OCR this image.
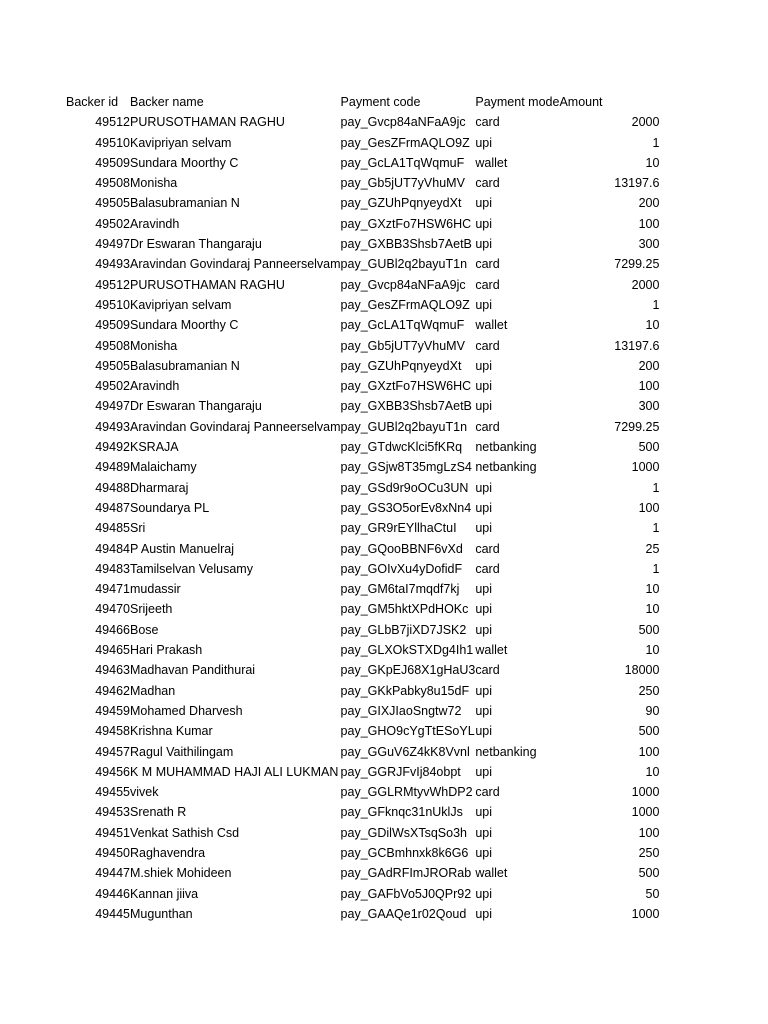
Backer id	Backer name	Payment code	Payment mode	Amount
49512	PURUSOTHAMAN RAGHU	pay_Gvcp84aNFaA9jc	card	2000
49510	Kavipriyan selvam	pay_GesZFrmAQLO9Z	upi	1
49509	Sundara Moorthy C	pay_GcLA1TqWqmuF	wallet	10
49508	Monisha	pay_Gb5jUT7yVhuMV	card	13197.6
49505	Balasubramanian N	pay_GZUhPqnyeydXt	upi	200
49502	Aravindh	pay_GXztFo7HSW6HC	upi	100
49497	Dr Eswaran Thangaraju	pay_GXBB3Shsb7AetB	upi	300
49493	Aravindan Govindaraj Panneerselvam	pay_GUBl2q2bayuT1n	card	7299.25
49512	PURUSOTHAMAN RAGHU	pay_Gvcp84aNFaA9jc	card	2000
49510	Kavipriyan selvam	pay_GesZFrmAQLO9Z	upi	1
49509	Sundara Moorthy C	pay_GcLA1TqWqmuF	wallet	10
49508	Monisha	pay_Gb5jUT7yVhuMV	card	13197.6
49505	Balasubramanian N	pay_GZUhPqnyeydXt	upi	200
49502	Aravindh	pay_GXztFo7HSW6HC	upi	100
49497	Dr Eswaran Thangaraju	pay_GXBB3Shsb7AetB	upi	300
49493	Aravindan Govindaraj Panneerselvam	pay_GUBl2q2bayuT1n	card	7299.25
49492	KSRAJA	pay_GTdwcKlci5fKRq	netbanking	500
49489	Malaichamy	pay_GSjw8T35mgLzS4	netbanking	1000
49488	Dharmaraj	pay_GSd9r9oOCu3UN	upi	1
49487	Soundarya PL	pay_GS3O5orEv8xNn4	upi	100
49485	Sri	pay_GR9rEYllhaCtuI	upi	1
49484	P Austin Manuelraj	pay_GQooBBNF6vXd	card	25
49483	Tamilselvan Velusamy	pay_GOIvXu4yDofidF	card	1
49471	mudassir	pay_GM6taI7mqdf7kj	upi	10
49470	Srijeeth	pay_GM5hktXPdHOKc	upi	10
49466	Bose	pay_GLbB7jiXD7JSK2	upi	500
49465	Hari Prakash	pay_GLXOkSTXDg4Ih1	wallet	10
49463	Madhavan Pandithurai	pay_GKpEJ68X1gHaU3	card	18000
49462	Madhan	pay_GKkPabky8u15dF	upi	250
49459	Mohamed Dharvesh	pay_GIXJIaoSngtw72	upi	90
49458	Krishna Kumar	pay_GHO9cYgTtESoYL	upi	500
49457	Ragul Vaithilingam	pay_GGuV6Z4kK8Vvnl	netbanking	100
49456	K M MUHAMMAD HAJI ALI LUKMAN	pay_GGRJFvIj84obpt	upi	10
49455	vivek	pay_GGLRMtyvWhDP2	card	1000
49453	Srenath R	pay_GFknqc31nUklJs	upi	1000
49451	Venkat Sathish Csd	pay_GDilWsXTsqSo3h	upi	100
49450	Raghavendra	pay_GCBmhnxk8k6G6	upi	250
49447	M.shiek Mohideen	pay_GAdRFImJRORab	wallet	500
49446	Kannan jiiva	pay_GAFbVo5J0QPr92	upi	50
49445	Mugunthan	pay_GAAQe1r02Qoud	upi	1000
